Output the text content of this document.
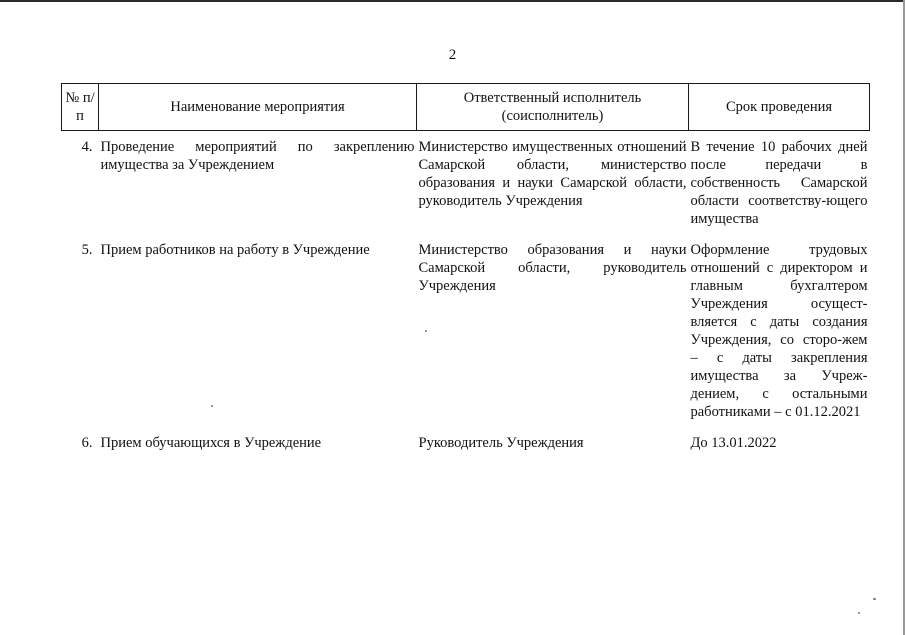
2
№ п/п	Наименование мероприятия	Ответственный исполнитель (соисполнитель)	Срок проведения
4.	Проведение мероприятий по закреплению имущества за Учреждением	Министерство имущественных отношений Самарской области, министерство образования и науки Самарской области, руководитель Учреждения	В течение 10 рабочих дней после передачи в собственность Самарской области соответству-ющего имущества
5.	Прием работников на работу в Учреждение	Министерство образования и науки Самарской области, руководитель Учреждения	Оформление трудовых отношений с директором и главным бухгалтером Учреждения осущест-вляется с даты создания Учреждения, со сторо-жем – с даты закрепления имущества за Учреж-дением, с остальными работниками – с 01.12.2021
6.	Прием обучающихся в Учреждение	Руководитель Учреждения	До 13.01.2022
